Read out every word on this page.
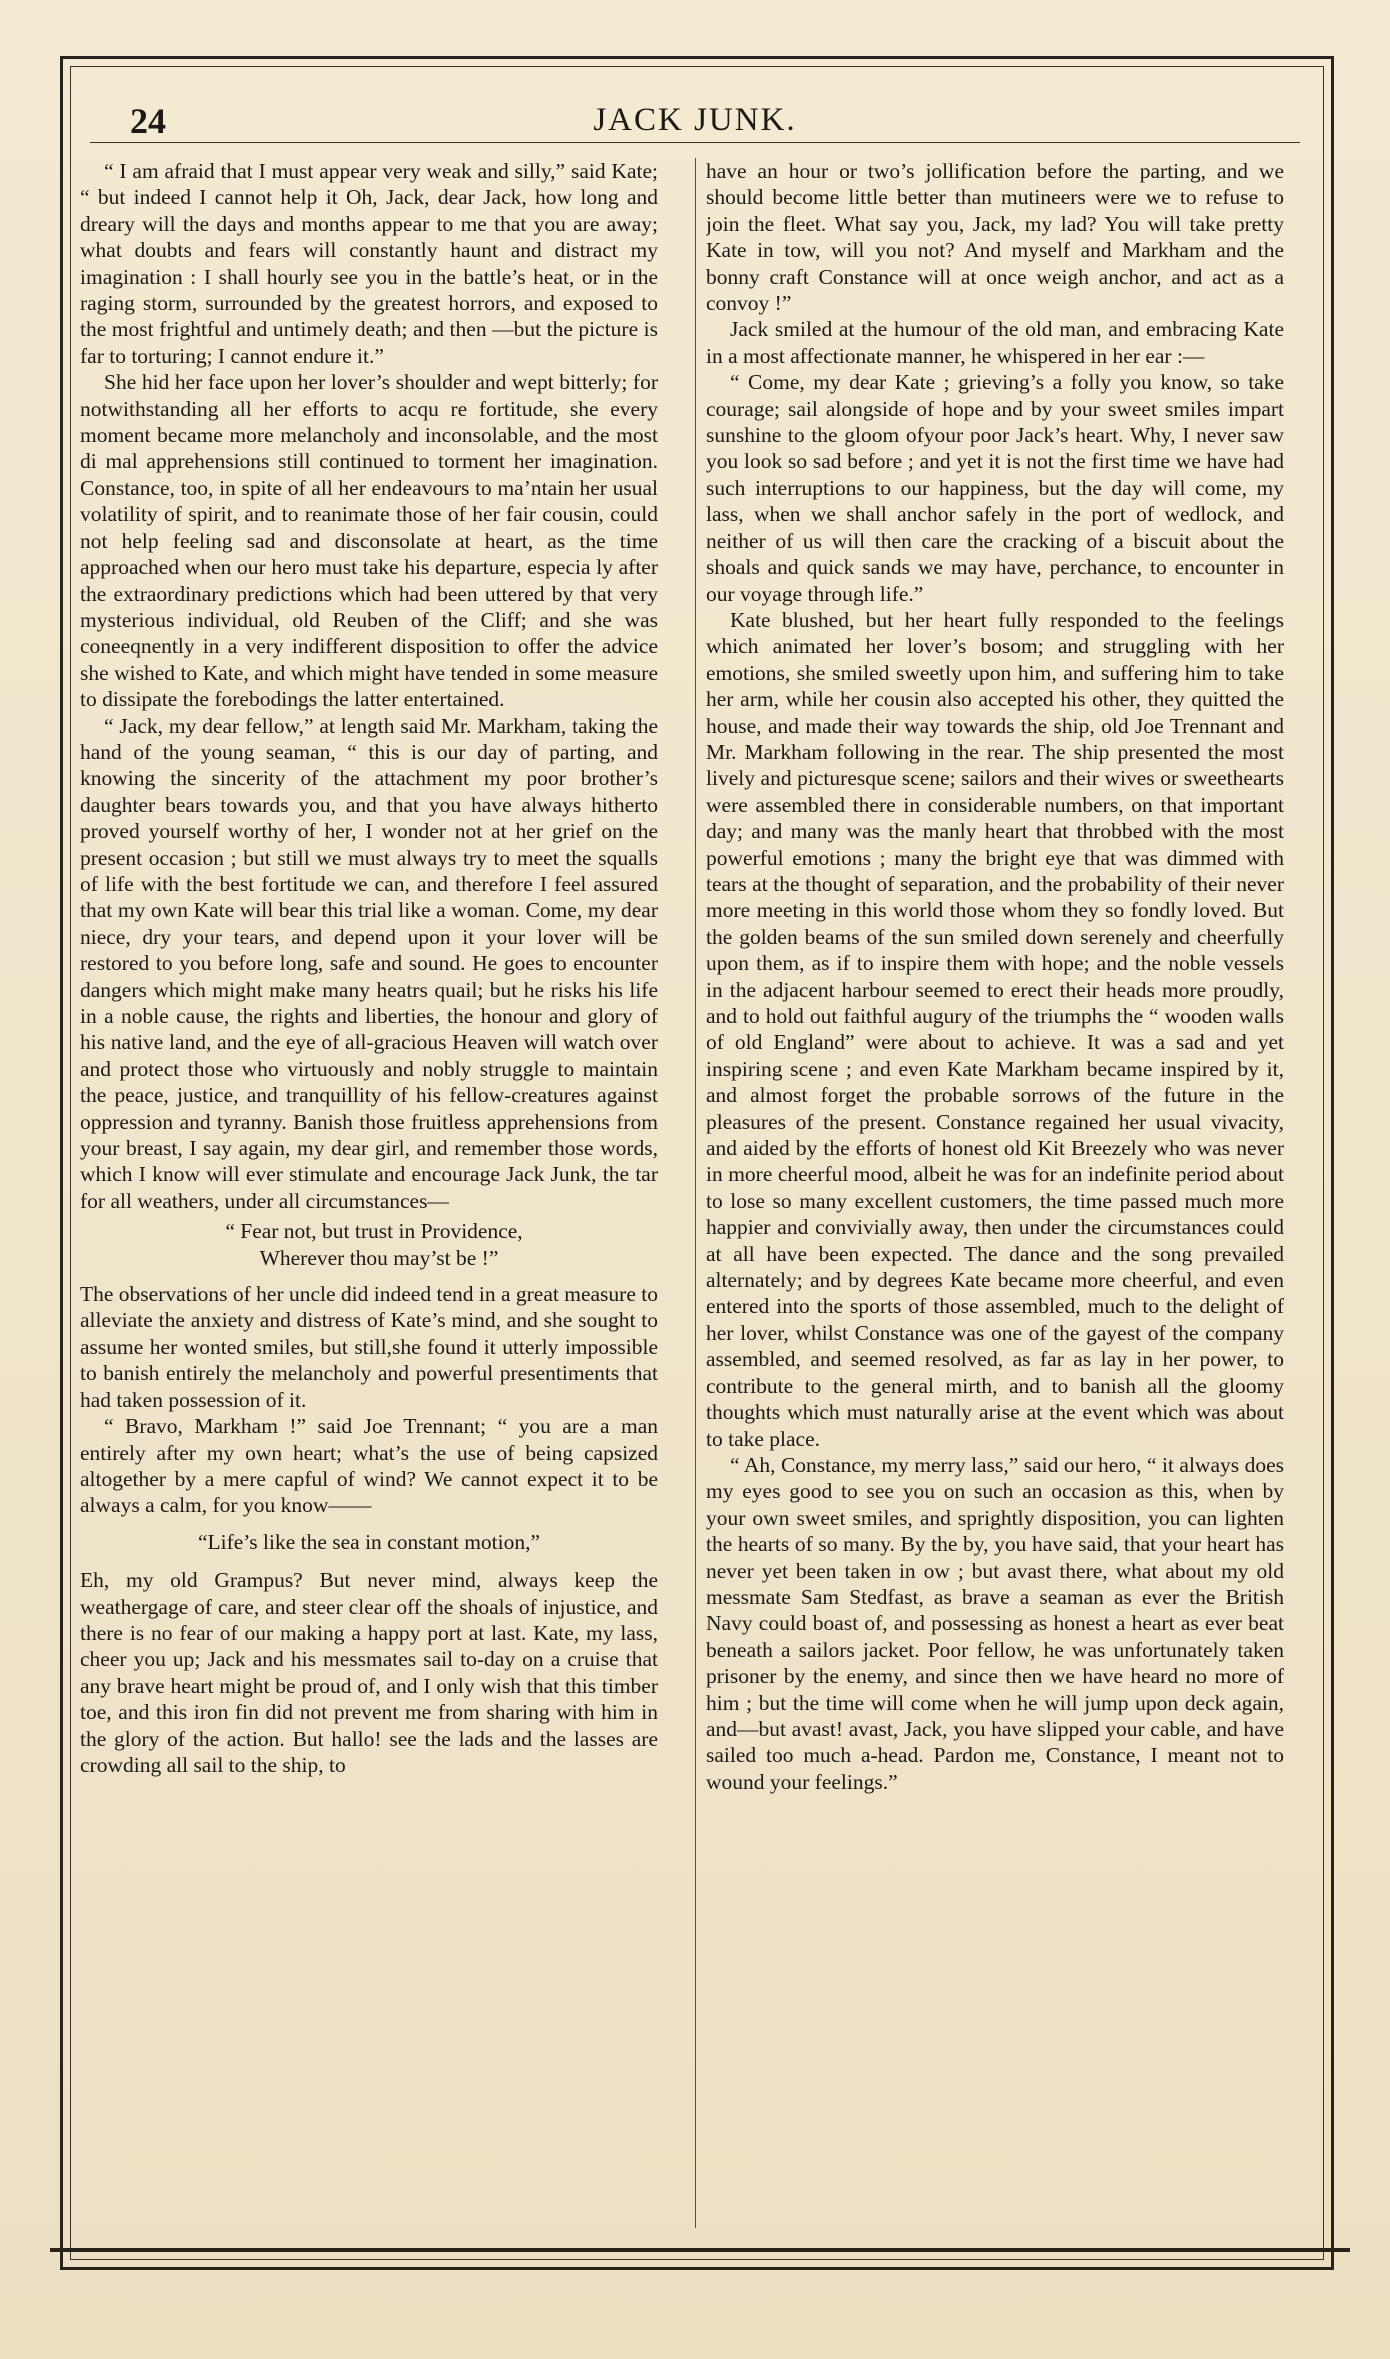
24	JACK JUNK.

“ I am afraid that I must appear very weak and silly,” said Kate; “ but indeed I cannot help it Oh, Jack, dear Jack, how long and dreary will the days and months appear to me that you are away; what doubts and fears will constantly haunt and distract my imagination : I shall hourly see you in the battle’s heat, or in the raging storm, surrounded by the greatest horrors, and exposed to the most frightful and untimely death; and then —but the picture is far to torturing; I cannot endure it.”

She hid her face upon her lover’s shoulder and wept bitterly; for notwithstanding all her efforts to acqu re fortitude, she every moment became more melancholy and inconsolable, and the most di mal apprehensions still continued to torment her imagination. Constance, too, in spite of all her endeavours to ma’ntain her usual volatility of spirit, and to reanimate those of her fair cousin, could not help feeling sad and disconsolate at heart, as the time approached when our hero must take his departure, especia ly after the extraordinary predictions which had been uttered by that very mysterious individual, old Reuben of the Cliff; and she was coneeqnently in a very indifferent disposition to offer the advice she wished to Kate, and which might have tended in some measure to dissipate the forebodings the latter entertained.

“ Jack, my dear fellow,” at length said Mr. Markham, taking the hand of the young seaman, “ this is our day of parting, and knowing the sincerity of the attachment my poor brother’s daughter bears towards you, and that you have always hitherto proved yourself worthy of her, I wonder not at her grief on the present occasion ; but still we must always try to meet the squalls of life with the best fortitude we can, and therefore I feel assured that my own Kate will bear this trial like a woman. Come, my dear niece, dry your tears, and depend upon it your lover will be restored to you before long, safe and sound. He goes to encounter dangers which might make many heatrs quail; but he risks his life in a noble cause, the rights and liberties, the honour and glory of his native land, and the eye of all-gracious Heaven will watch over and protect those who virtuously and nobly struggle to maintain the peace, justice, and tranquillity of his fellow-creatures against oppression and tyranny. Banish those fruitless apprehensions from your breast, I say again, my dear girl, and remember those words, which I know will ever stimulate and encourage Jack Junk, the tar for all weathers, under all circumstances—

“ Fear not, but trust in Providence,
Wherever thou may’st be !”

The observations of her uncle did indeed tend in a great measure to alleviate the anxiety and distress of Kate’s mind, and she sought to assume her wonted smiles, but still,she found it utterly impossible to banish entirely the melancholy and powerful presentiments that had taken possession of it.

“ Bravo, Markham !” said Joe Trennant; “ you are a man entirely after my own heart; what’s the use of being capsized altogether by a mere capful of wind? We cannot expect it to be always a calm, for you know——

“Life’s like the sea in constant motion,”

Eh, my old Grampus? But never mind, always keep the weathergage of care, and steer clear off the shoals of injustice, and there is no fear of our making a happy port at last. Kate, my lass, cheer you up; Jack and his messmates sail to-day on a cruise that any brave heart might be proud of, and I only wish that this timber toe, and this iron fin did not prevent me from sharing with him in the glory of the action. But hallo! see the lads and the lasses are crowding all sail to the ship, to

have an hour or two’s jollification before the parting, and we should become little better than mutineers were we to refuse to join the fleet. What say you, Jack, my lad? You will take pretty Kate in tow, will you not? And myself and Markham and the bonny craft Constance will at once weigh anchor, and act as a convoy !”

Jack smiled at the humour of the old man, and embracing Kate in a most affectionate manner, he whispered in her ear :—

“ Come, my dear Kate ; grieving’s a folly you know, so take courage; sail alongside of hope and by your sweet smiles impart sunshine to the gloom ofyour poor Jack’s heart. Why, I never saw you look so sad before ; and yet it is not the first time we have had such interruptions to our happiness, but the day will come, my lass, when we shall anchor safely in the port of wedlock, and neither of us will then care the cracking of a biscuit about the shoals and quick sands we may have, perchance, to encounter in our voyage through life.”

Kate blushed, but her heart fully responded to the feelings which animated her lover’s bosom; and struggling with her emotions, she smiled sweetly upon him, and suffering him to take her arm, while her cousin also accepted his other, they quitted the house, and made their way towards the ship, old Joe Trennant and Mr. Markham following in the rear. The ship presented the most lively and picturesque scene; sailors and their wives or sweethearts were assembled there in considerable numbers, on that important day; and many was the manly heart that throbbed with the most powerful emotions ; many the bright eye that was dimmed with tears at the thought of separation, and the probability of their never more meeting in this world those whom they so fondly loved. But the golden beams of the sun smiled down serenely and cheerfully upon them, as if to inspire them with hope; and the noble vessels in the adjacent harbour seemed to erect their heads more proudly, and to hold out faithful augury of the triumphs the “ wooden walls of old England” were about to achieve. It was a sad and yet inspiring scene ; and even Kate Markham became inspired by it, and almost forget the probable sorrows of the future in the pleasures of the present. Constance regained her usual vivacity, and aided by the efforts of honest old Kit Breezely who was never in more cheerful mood, albeit he was for an indefinite period about to lose so many excellent customers, the time passed much more happier and convivially away, then under the circumstances could at all have been expected. The dance and the song prevailed alternately; and by degrees Kate became more cheerful, and even entered into the sports of those assembled, much to the delight of her lover, whilst Constance was one of the gayest of the company assembled, and seemed resolved, as far as lay in her power, to contribute to the general mirth, and to banish all the gloomy thoughts which must naturally arise at the event which was about to take place.

“ Ah, Constance, my merry lass,” said our hero, “ it always does my eyes good to see you on such an occasion as this, when by your own sweet smiles, and sprightly disposition, you can lighten the hearts of so many. By the by, you have said, that your heart has never yet been taken in ow ; but avast there, what about my old messmate Sam Stedfast, as brave a seaman as ever the British Navy could boast of, and possessing as honest a heart as ever beat beneath a sailors jacket. Poor fellow, he was unfortunately taken prisoner by the enemy, and since then we have heard no more of him ; but the time will come when he will jump upon deck again, and—but avast! avast, Jack, you have slipped your cable, and have sailed too much a-head. Pardon me, Constance, I meant not to wound your feelings.”
